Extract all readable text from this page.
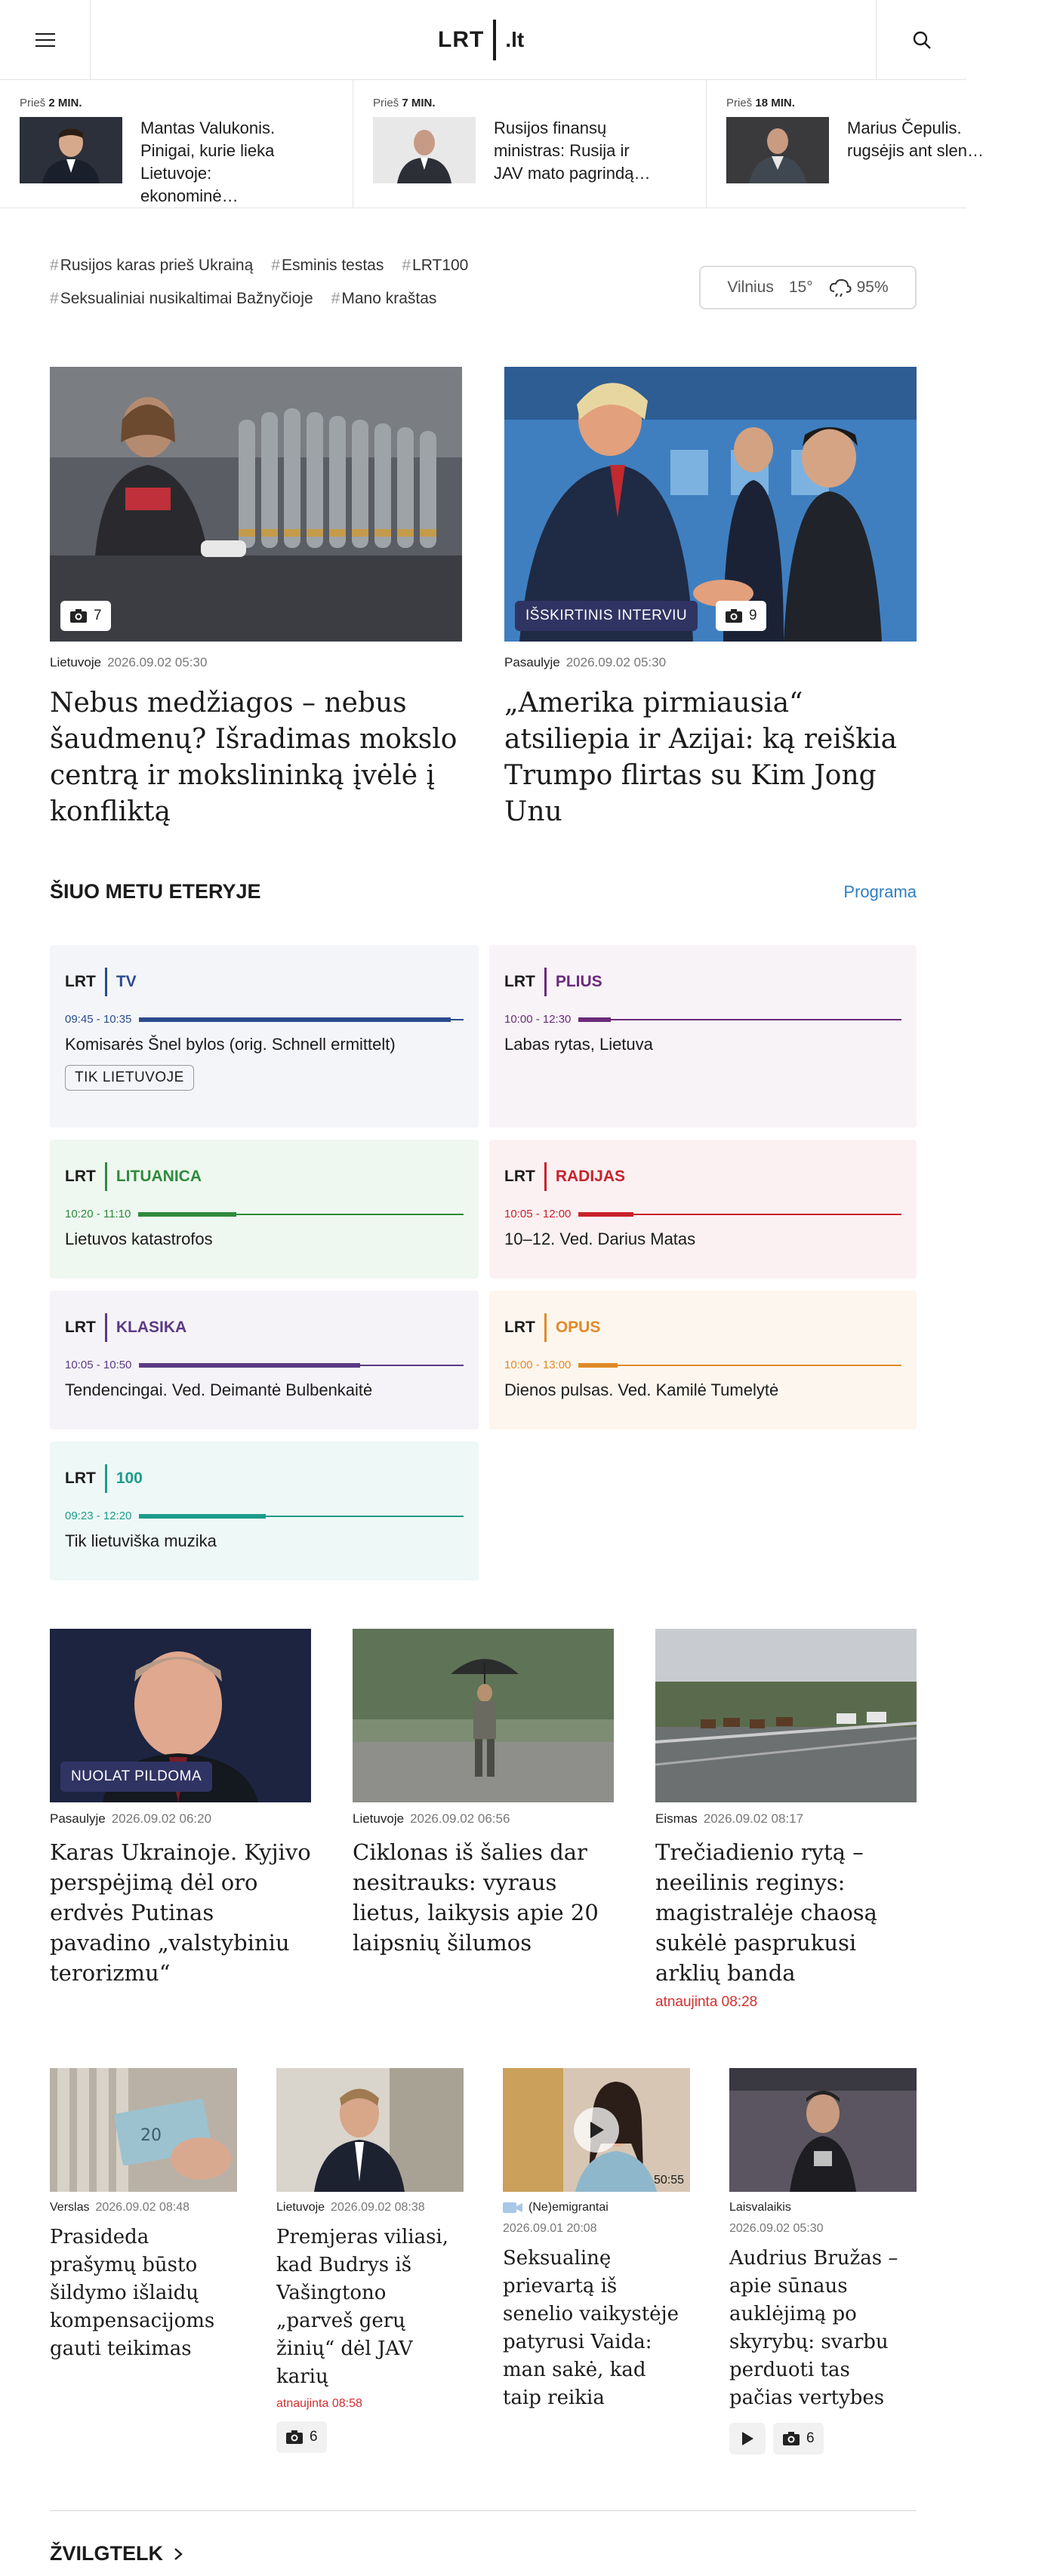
LRT .lt
Prieš 2 MIN.
Mantas Valukonis. Pinigai, kurie lieka Lietuvoje: ekonominė…
Prieš 7 MIN.
Rusijos finansų ministras: Rusija ir JAV mato pagrindą…
Prieš 18 MIN.
Marius Čepulis. rugsėjis ant slen…
# Rusijos karas prieš Ukrainą	# Esminis testas	# LRT100
# Seksualiniai nusikaltimai Bažnyčioje	# Mano kraštas
Vilnius 15°	95%
7
Lietuvoje 2026.09.02 05:30
Nebus medžiagos – nebus šaudmenų? Išradimas mokslo centrą ir mokslininką įvėlė į konfliktą
IŠSKIRTINIS INTERVIU	9
Pasaulyje 2026.09.02 05:30
„Amerika pirmiausia“ atsiliepia ir Azijai: ką reiškia Trumpo flirtas su Kim Jong Unu
ŠIUO METU ETERYJE	Programa
LRT TV
09:45 - 10:35
Komisarės Šnel bylos (orig. Schnell ermittelt)
TIK LIETUVOJE
LRT PLIUS
10:00 - 12:30
Labas rytas, Lietuva
LRT LITUANICA
10:20 - 11:10
Lietuvos katastrofos
LRT RADIJAS
10:05 - 12:00
10–12. Ved. Darius Matas
LRT KLASIKA
10:05 - 10:50
Tendencingai. Ved. Deimantė Bulbenkaitė
LRT OPUS
10:00 - 13:00
Dienos pulsas. Ved. Kamilė Tumelytė
LRT 100
09:23 - 12:20
Tik lietuviška muzika
NUOLAT PILDOMA
Pasaulyje 2026.09.02 06:20
Karas Ukrainoje. Kyjivo perspėjimą dėl oro erdvės Putinas pavadino „valstybiniu terorizmu“
Lietuvoje 2026.09.02 06:56
Ciklonas iš šalies dar nesitrauks: vyraus lietus, laikysis apie 20 laipsnių šilumos
Eismas 2026.09.02 08:17
Trečiadienio rytą – neeilinis reginys: magistralėje chaosą sukėlė pasprukusi arklių banda
atnaujinta 08:28
20
Verslas 2026.09.02 08:48
Prasideda prašymų būsto šildymo išlaidų kompensacijoms gauti teikimas
Lietuvoje 2026.09.02 08:38
Premjeras viliasi, kad Budrys iš Vašingtono „parveš gerų žinių“ dėl JAV karių
atnaujinta 08:58
6
50:55
(Ne)emigrantai
2026.09.01 20:08
Seksualinę prievartą iš senelio vaikystėje patyrusi Vaida: man sakė, kad taip reikia
Laisvalaikis
2026.09.02 05:30
Audrius Bružas – apie sūnaus auklėjimą po skyrybų: svarbu perduoti tas pačias vertybes
6
ŽVILGTELK
